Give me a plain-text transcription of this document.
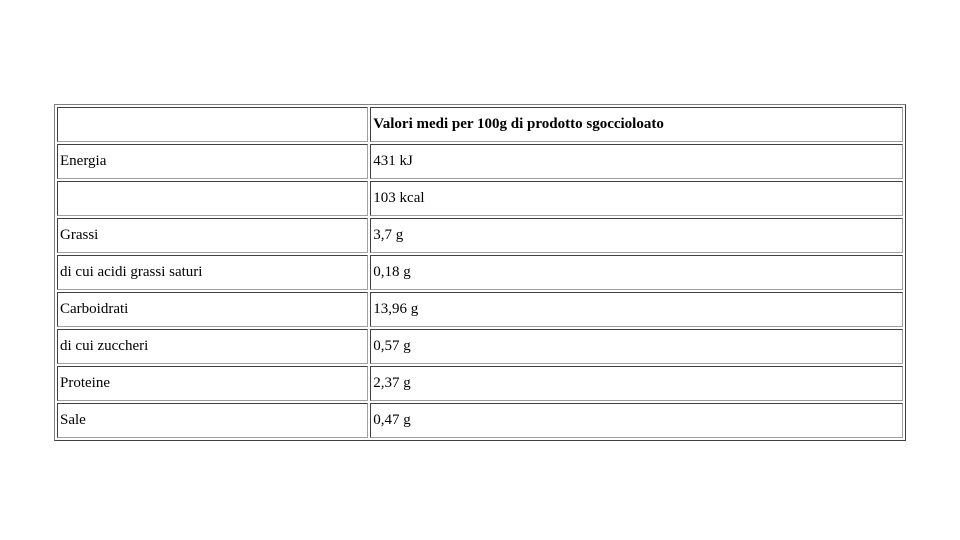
	Valori medi per 100g di prodotto sgoccioloato
Energia	431 kJ
	103 kcal
Grassi	3,7 g
di cui acidi grassi saturi	0,18 g
Carboidrati	13,96 g
di cui zuccheri	0,57 g
Proteine	2,37 g
Sale	0,47 g
